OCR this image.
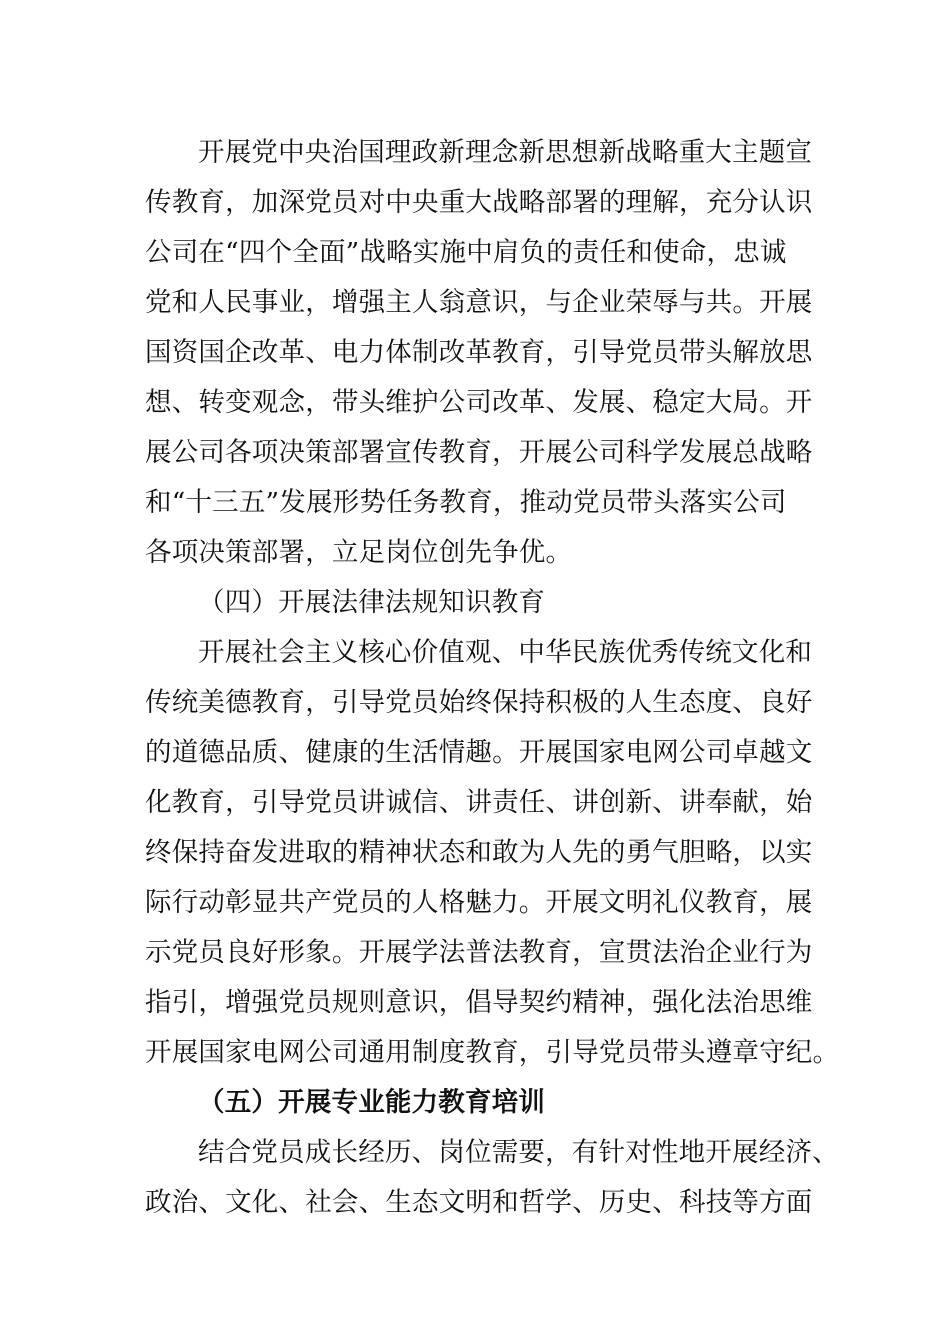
开展党中央治国理政新理念新思想新战略重大主题宣
传教育，加深党员对中央重大战略部署的理解，充分认识
公司在“四个全面”战略实施中肩负的责任和使命，忠诚
党和人民事业，增强主人翁意识，与企业荣辱与共。开展
国资国企改革、电力体制改革教育，引导党员带头解放思
想、转变观念，带头维护公司改革、发展、稳定大局。开
展公司各项决策部署宣传教育，开展公司科学发展总战略
和“十三五”发展形势任务教育，推动党员带头落实公司
各项决策部署，立足岗位创先争优。
（四）开展法律法规知识教育
开展社会主义核心价值观、中华民族优秀传统文化和
传统美德教育，引导党员始终保持积极的人生态度、良好
的道德品质、健康的生活情趣。开展国家电网公司卓越文
化教育，引导党员讲诚信、讲责任、讲创新、讲奉献，始
终保持奋发进取的精神状态和敢为人先的勇气胆略，以实
际行动彰显共产党员的人格魅力。开展文明礼仪教育，展
示党员良好形象。开展学法普法教育，宣贯法治企业行为
指引，增强党员规则意识，倡导契约精神，强化法治思维
开展国家电网公司通用制度教育，引导党员带头遵章守纪。
（五）开展专业能力教育培训
结合党员成长经历、岗位需要，有针对性地开展经济、
政治、文化、社会、生态文明和哲学、历史、科技等方面
